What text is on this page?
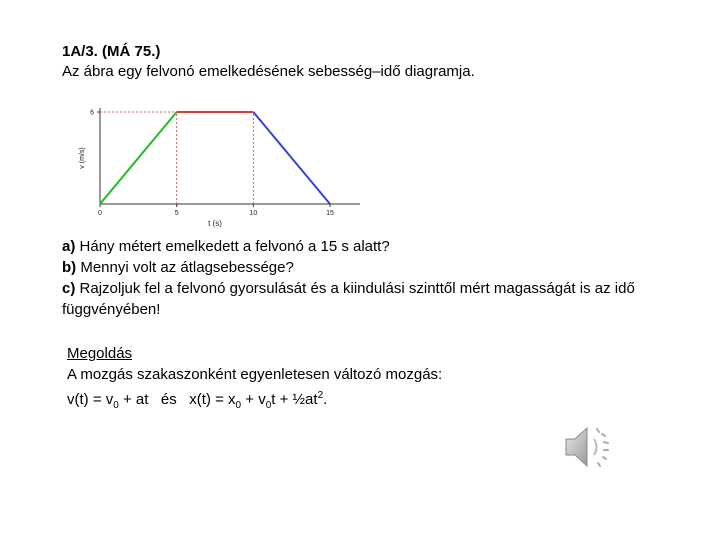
1A/3. (MÁ 75.)
Az ábra egy felvonó emelkedésének sebesség–idő diagramja.
0	5	10	15
6
t (s)
v (m/s)
a) Hány métert emelkedett a felvonó a 15 s alatt?
b) Mennyi volt az átlagsebessége?
c) Rajzoljuk fel a felvonó gyorsulását és a kiindulási szinttől mért magasságát is az idő függvényében!
Megoldás
A mozgás szakaszonként egyenletesen változó mozgás:
$v(t) = v_0$ + at   és   $x(t) = x_0 + v_0t$ + $\frac{1}{2}at^2$.
